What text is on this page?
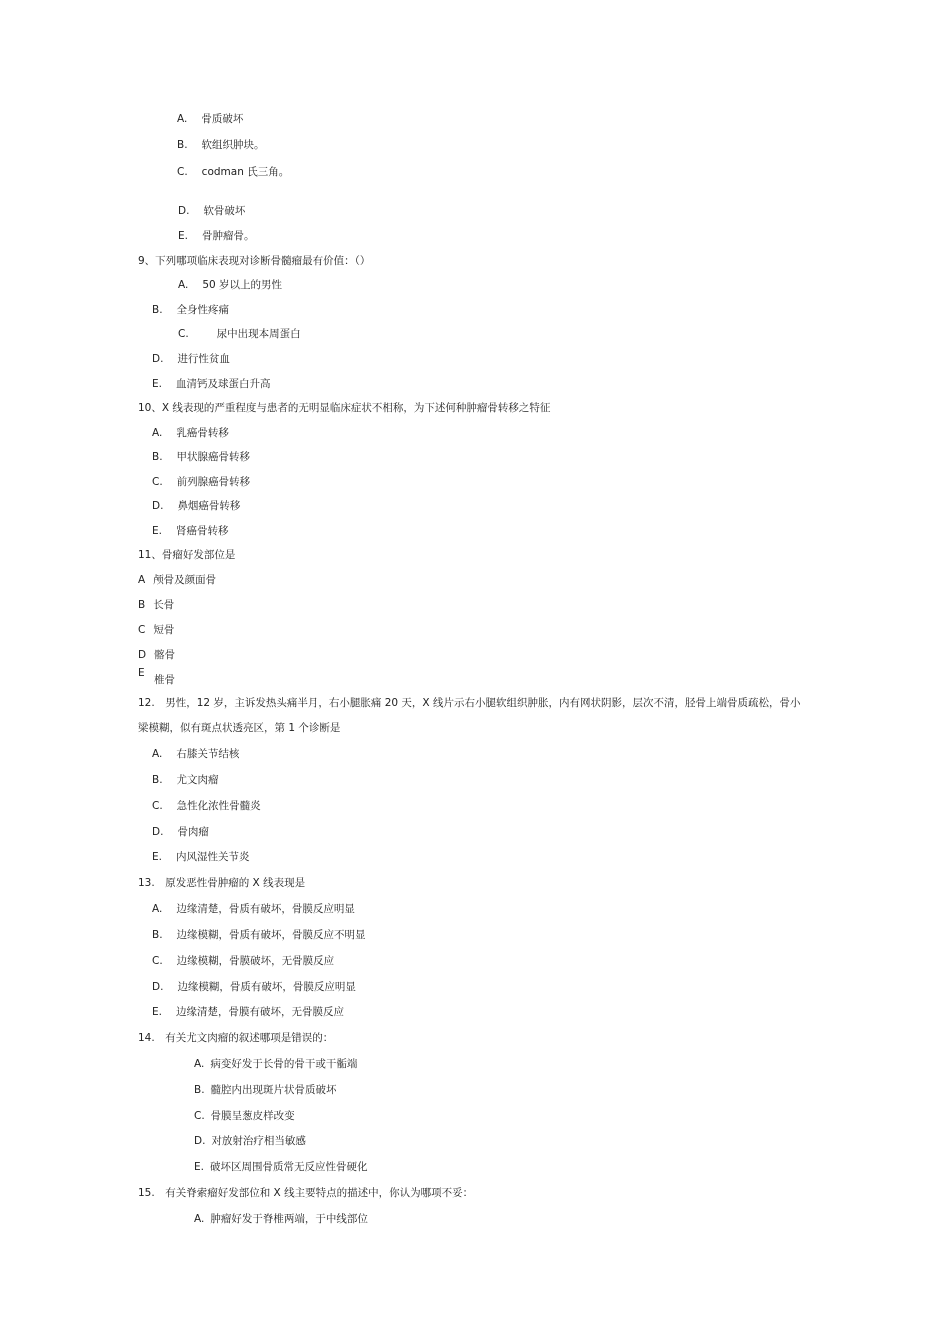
A. 骨质破坏
B. 软组织肿块。
C. codman 氏三角。
D. 软骨破坏
E. 骨肿瘤骨。
9、下列哪项临床表现对诊断骨髓瘤最有价值：（）
A. 50 岁以上的男性
B. 全身性疼痛
C.	尿中出现本周蛋白
D. 进行性贫血
E. 血清钙及球蛋白升高
10、X 线表现的严重程度与患者的无明显临床症状不相称，为下述何种肿瘤骨转移之特征
A. 乳癌骨转移
B. 甲状腺癌骨转移
C. 前列腺癌骨转移
D. 鼻烟癌骨转移
E. 肾癌骨转移
11、骨瘤好发部位是
A 颅骨及颜面骨
B 长骨
C 短骨
D 髂骨
E
椎骨
12.　男性，12 岁，主诉发热头痛半月，右小腿胀痛 20 天，X 线片示右小腿软组织肿胀，内有网状阴影，层次不清，胫骨上端骨质疏松，骨小
梁模糊，似有斑点状透亮区，第 1 个诊断是
A. 右膝关节结核
B. 尤文肉瘤
C. 急性化浓性骨髓炎
D. 骨肉瘤
E. 内风湿性关节炎
13.　原发恶性骨肿瘤的 X 线表现是
A. 边缘清楚，骨质有破坏，骨膜反应明显
B. 边缘模糊，骨质有破坏，骨膜反应不明显
C. 边缘模糊，骨膜破坏，无骨膜反应
D. 边缘模糊，骨质有破坏，骨膜反应明显
E. 边缘清楚，骨膜有破坏，无骨膜反应
14.　有关尤文肉瘤的叙述哪项是错误的：
A. 病变好发于长骨的骨干或干骺端
B. 髓腔内出现斑片状骨质破坏
C. 骨膜呈葱皮样改变
D. 对放射治疗相当敏感
E. 破坏区周围骨质常无反应性骨硬化
15.　有关脊索瘤好发部位和 X 线主要特点的描述中，你认为哪项不妥：
A. 肿瘤好发于脊椎两端，于中线部位
